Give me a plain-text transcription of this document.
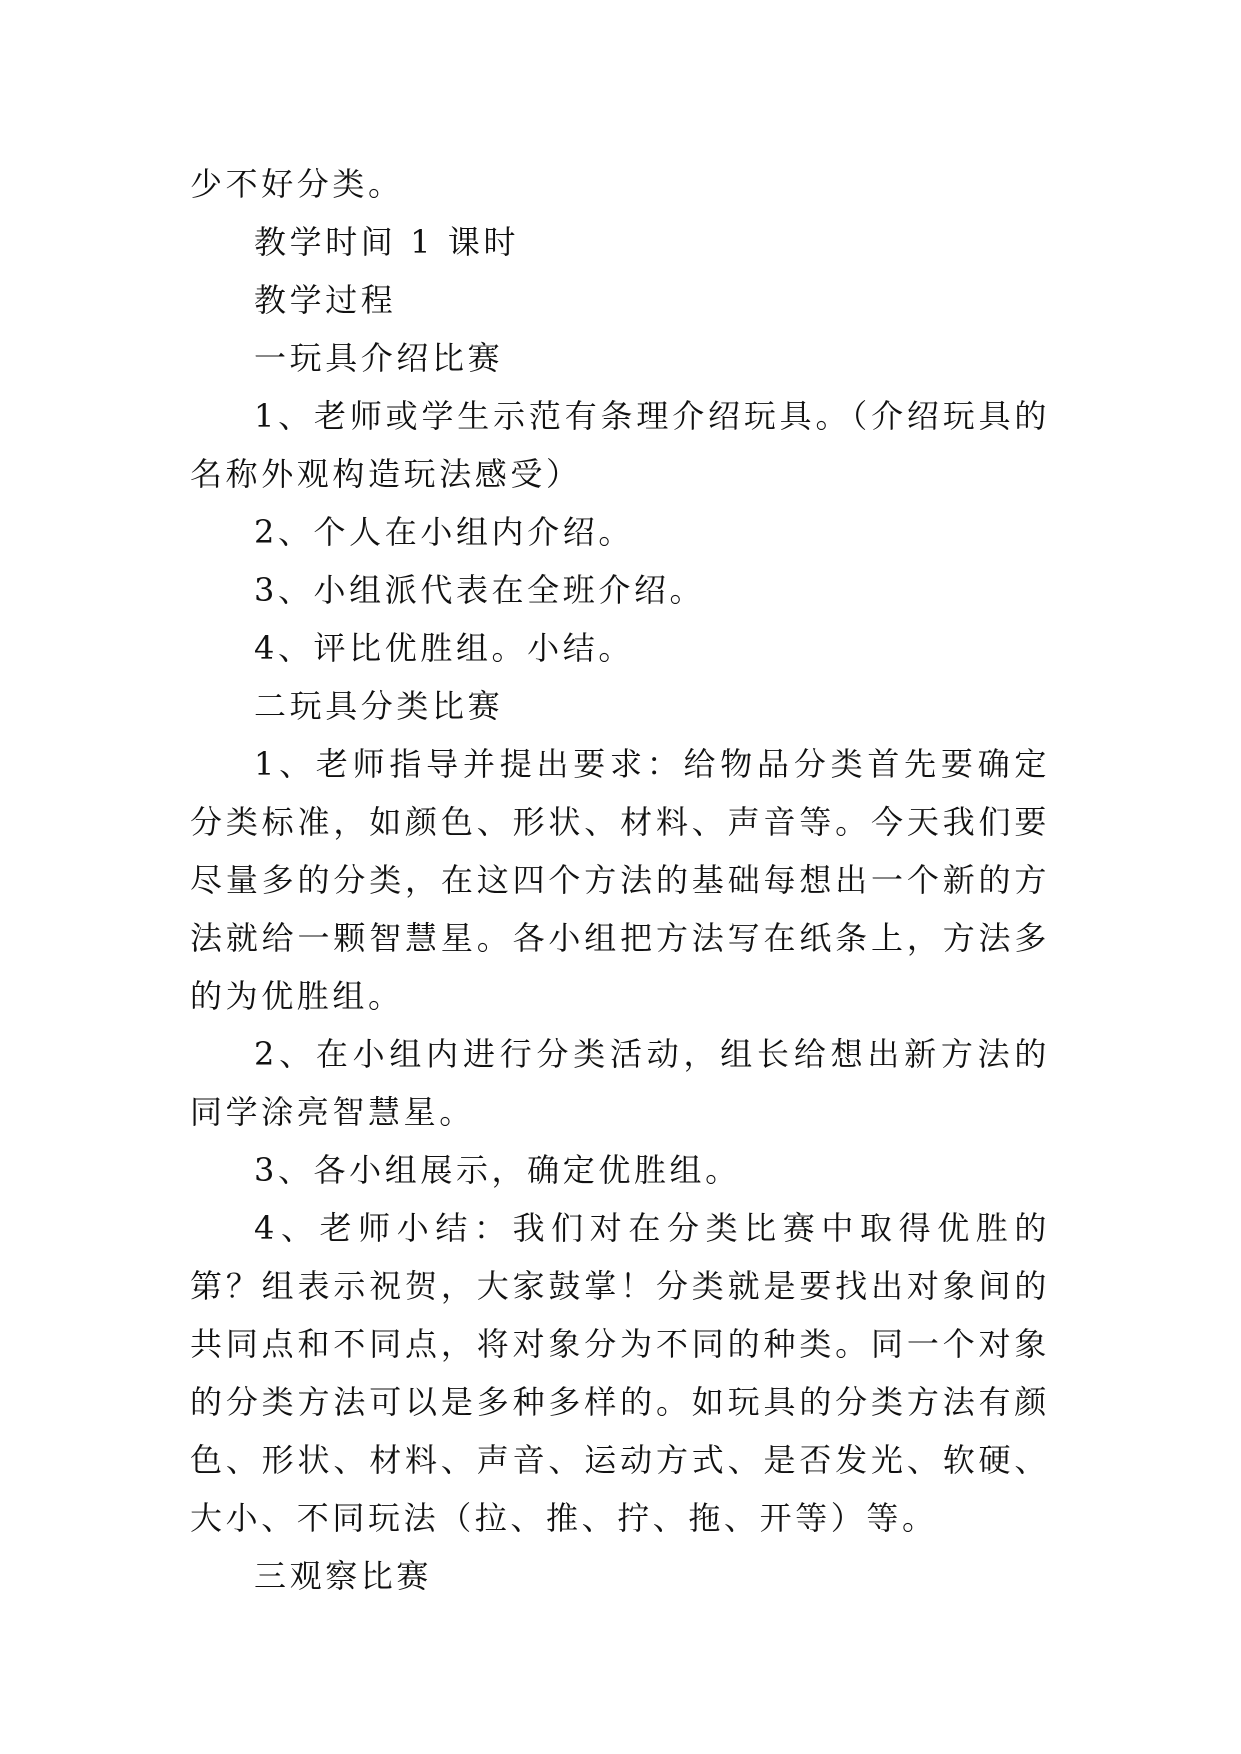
少不好分类。

教学时间 1 课时

教学过程

一玩具介绍比赛

1、老师或学生示范有条理介绍玩具。（介绍玩具的名称外观构造玩法感受）

2、个人在小组内介绍。

3、小组派代表在全班介绍。

4、评比优胜组。小结。

二玩具分类比赛

1、老师指导并提出要求：给物品分类首先要确定分类标准，如颜色、形状、材料、声音等。今天我们要尽量多的分类，在这四个方法的基础每想出一个新的方法就给一颗智慧星。各小组把方法写在纸条上，方法多的为优胜组。

2、在小组内进行分类活动，组长给想出新方法的同学涂亮智慧星。

3、各小组展示，确定优胜组。

4、老师小结：我们对在分类比赛中取得优胜的第？组表示祝贺，大家鼓掌！分类就是要找出对象间的共同点和不同点，将对象分为不同的种类。同一个对象的分类方法可以是多种多样的。如玩具的分类方法有颜色、形状、材料、声音、运动方式、是否发光、软硬、大小、不同玩法（拉、推、拧、拖、开等）等。

三观察比赛
